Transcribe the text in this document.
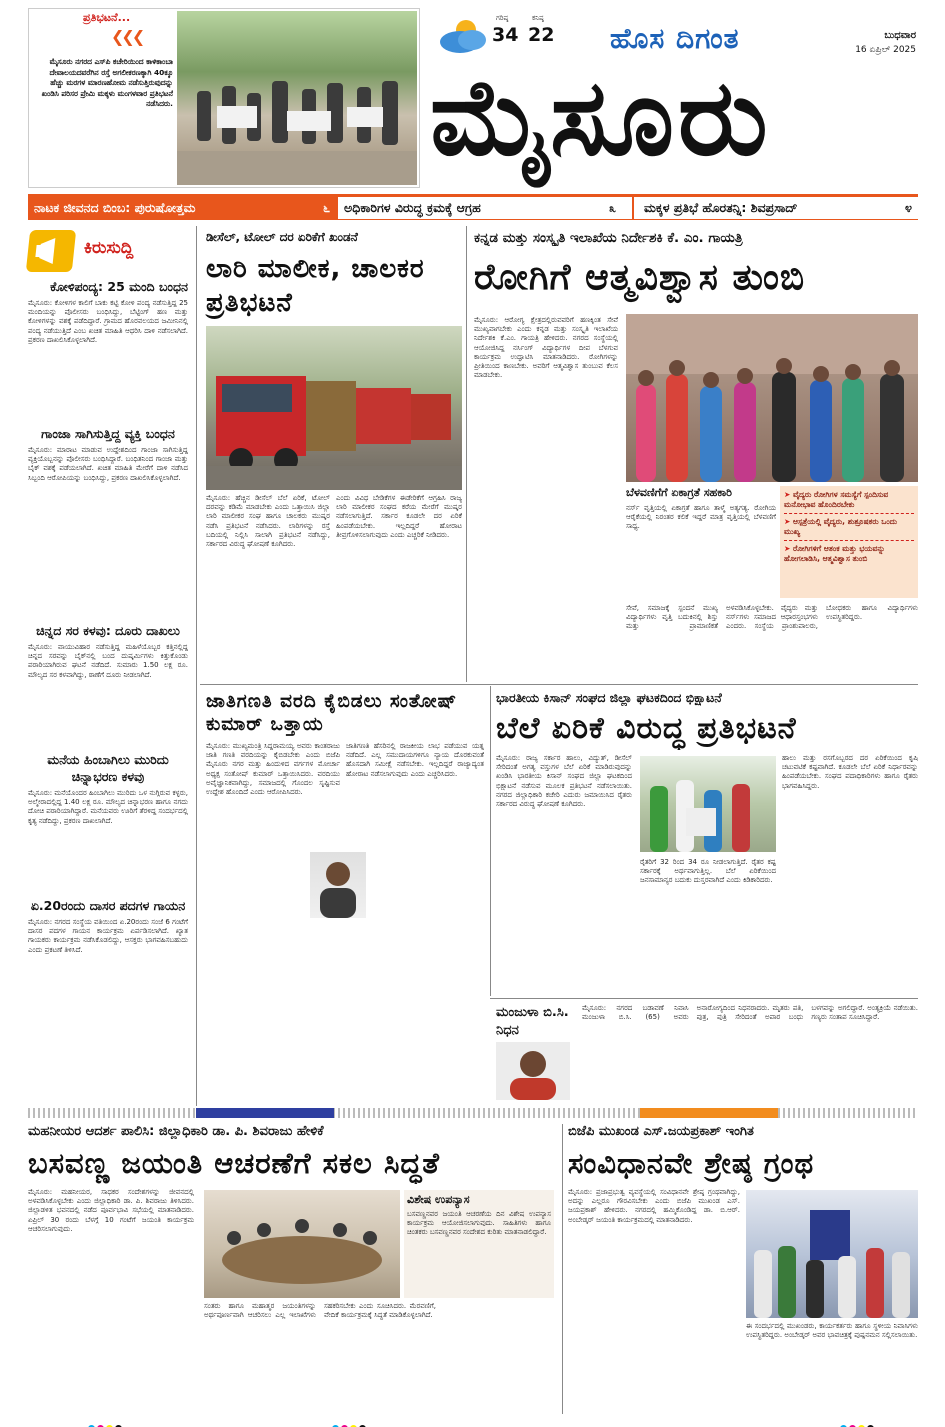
ಪ್ರತಿಭಟನೆ...
❮❮❮
ಮೈಸೂರು ನಗರದ ಎಸ್‌ಪಿ ಕಚೇರಿಯಿಂದ ಕಾಳಿಕಾಂಬಾ ದೇವಾಲಯದವರೆಗಿನ ರಸ್ತೆ ಅಗಲೀಕರಣಕ್ಕಾಗಿ 40ಕ್ಕೂ ಹೆಚ್ಚು ಮರಗಳ ಮಾರಣಹೋಮ ನಡೆಸುತ್ತಿರುವುದನ್ನು ಖಂಡಿಸಿ ಪರಿಸರ ಪ್ರೇಮಿ ಮಕ್ಕಳು ಮಂಗಳವಾರ ಪ್ರತಿಭಟನೆ ನಡೆಸಿದರು.
ಗರಿಷ್ಠ
34
ಕನಿಷ್ಠ
22 ಹೊಸ ದಿಗಂತ	ಬುಧವಾರ
16 ಏಪ್ರಿಲ್ 2025
ಮೈಸೂರು
ನಾಟಕ ಜೀವನದ ಬಿಂಬ: ಪುರುಷೋತ್ತಮ	೬ ಅಧಿಕಾರಿಗಳ ವಿರುದ್ಧ ಕ್ರಮಕ್ಕೆ ಆಗ್ರಹ	೩ ಮಕ್ಕಳ ಪ್ರತಿಭೆ ಹೊರತನ್ನಿ: ಶಿವಪ್ರಸಾದ್	೪
ಕಿರುಸುದ್ದಿ
ಕೋಳಿಪಂದ್ಯ: 25 ಮಂದಿ ಬಂಧನ
ಮೈಸೂರು: ಕೋಳಿಗಳ ಕಾಲಿಗೆ ಬಾಕು ಕಟ್ಟಿ ಕೋಳಿ ಪಂದ್ಯ ನಡೆಸುತ್ತಿದ್ದ 25 ಮಂದಿಯನ್ನು ಪೊಲೀಸರು ಬಂಧಿಸಿದ್ದು, ಬೆಟ್ಟಿಂಗ್ ಹಣ ಮತ್ತು ಕೋಳಿಗಳನ್ನು ವಶಕ್ಕೆ ಪಡೆದಿದ್ದಾರೆ. ಗ್ರಾಮದ ಹೊರವಲಯದ ಜಮೀನಿನಲ್ಲಿ ಪಂದ್ಯ ನಡೆಯುತ್ತಿದೆ ಎಂಬ ಖಚಿತ ಮಾಹಿತಿ ಆಧರಿಸಿ ದಾಳಿ ನಡೆಸಲಾಗಿದೆ. ಪ್ರಕರಣ ದಾಖಲಿಸಿಕೊಳ್ಳಲಾಗಿದೆ.
ಗಾಂಜಾ ಸಾಗಿಸುತ್ತಿದ್ದ ವ್ಯಕ್ತಿ ಬಂಧನ
ಮೈಸೂರು: ಮಾರಾಟ ಮಾಡುವ ಉದ್ದೇಶದಿಂದ ಗಾಂಜಾ ಸಾಗಿಸುತ್ತಿದ್ದ ವ್ಯಕ್ತಿಯೊಬ್ಬನನ್ನು ಪೊಲೀಸರು ಬಂಧಿಸಿದ್ದಾರೆ. ಬಂಧಿತನಿಂದ ಗಾಂಜಾ ಮತ್ತು ಬೈಕ್ ವಶಕ್ಕೆ ಪಡೆಯಲಾಗಿದೆ. ಖಚಿತ ಮಾಹಿತಿ ಮೇರೆಗೆ ದಾಳಿ ನಡೆಸಿದ ಸಿಬ್ಬಂದಿ ಆರೋಪಿಯನ್ನು ಬಂಧಿಸಿದ್ದು, ಪ್ರಕರಣ ದಾಖಲಿಸಿಕೊಳ್ಳಲಾಗಿದೆ.
ಚಿನ್ನದ ಸರ ಕಳವು: ದೂರು ದಾಖಲು
ಮೈಸೂರು: ವಾಯುವಿಹಾರ ನಡೆಸುತ್ತಿದ್ದ ಮಹಿಳೆಯೊಬ್ಬರ ಕತ್ತಿನಲ್ಲಿದ್ದ ಚಿನ್ನದ ಸರವನ್ನು ಬೈಕ್‌ನಲ್ಲಿ ಬಂದ ದುಷ್ಕರ್ಮಿಗಳು ಕಿತ್ತುಕೊಂಡು ಪರಾರಿಯಾಗಿರುವ ಘಟನೆ ನಡೆದಿದೆ. ಸುಮಾರು 1.50 ಲಕ್ಷ ರೂ. ಮೌಲ್ಯದ ಸರ ಕಳವಾಗಿದ್ದು, ಠಾಣೆಗೆ ದೂರು ನೀಡಲಾಗಿದೆ.
ಮನೆಯ ಹಿಂಬಾಗಿಲು ಮುರಿದು ಚಿನ್ನಾಭರಣ ಕಳವು
ಮೈಸೂರು: ಮನೆಯೊಂದರ ಹಿಂಬಾಗಿಲು ಮುರಿದು ಒಳ ನುಗ್ಗಿರುವ ಕಳ್ಳರು, ಅಲ್ಮೇರಾದಲ್ಲಿದ್ದ 1.40 ಲಕ್ಷ ರೂ. ಮೌಲ್ಯದ ಚಿನ್ನಾಭರಣ ಹಾಗೂ ನಗದು ದೋಚಿ ಪರಾರಿಯಾಗಿದ್ದಾರೆ. ಮನೆಯವರು ಊರಿಗೆ ತೆರಳಿದ್ದ ಸಂದರ್ಭದಲ್ಲಿ ಕೃತ್ಯ ನಡೆದಿದ್ದು, ಪ್ರಕರಣ ದಾಖಲಾಗಿದೆ.
ಏ.20ರಂದು ದಾಸರ ಪದಗಳ ಗಾಯನ
ಮೈಸೂರು: ನಗರದ ಸಂಸ್ಥೆಯ ವತಿಯಿಂದ ಏ.20ರಂದು ಸಂಜೆ 6 ಗಂಟೆಗೆ ದಾಸರ ಪದಗಳ ಗಾಯನ ಕಾರ್ಯಕ್ರಮ ಏರ್ಪಡಿಸಲಾಗಿದೆ. ಖ್ಯಾತ ಗಾಯಕರು ಕಾರ್ಯಕ್ರಮ ನಡೆಸಿಕೊಡಲಿದ್ದು, ಆಸಕ್ತರು ಭಾಗವಹಿಸಬಹುದು ಎಂದು ಪ್ರಕಟಣೆ ತಿಳಿಸಿದೆ.
ಡೀಸೆಲ್, ಟೋಲ್ ದರ ಏರಿಕೆಗೆ ಖಂಡನೆ
ಲಾರಿ ಮಾಲೀಕ, ಚಾಲಕರ ಪ್ರತಿಭಟನೆ
ಮೈಸೂರು: ಹೆಚ್ಚಿನ ಡೀಸೆಲ್ ಬೆಲೆ ಏರಿಕೆ, ಟೋಲ್ ದರವನ್ನು ಕಡಿಮೆ ಮಾಡಬೇಕು ಎಂದು ಒತ್ತಾಯಿಸಿ ಜಿಲ್ಲಾ ಲಾರಿ ಮಾಲೀಕರ ಸಂಘ ಹಾಗೂ ಚಾಲಕರು ಮುಷ್ಕರ ನಡೆಸಿ ಪ್ರತಿಭಟನೆ ನಡೆಸಿದರು. ಲಾರಿಗಳನ್ನು ರಸ್ತೆ ಬದಿಯಲ್ಲಿ ನಿಲ್ಲಿಸಿ ಸಾಲಾಗಿ ಪ್ರತಿಭಟನೆ ನಡೆಸಿದ್ದು, ಸರ್ಕಾರದ ವಿರುದ್ಧ ಘೋಷಣೆ ಕೂಗಿದರು.
ಎಂದು ವಿವಿಧ ಬೇಡಿಕೆಗಳ ಈಡೇರಿಕೆಗೆ ಆಗ್ರಹಿಸಿ ರಾಜ್ಯ ಲಾರಿ ಮಾಲೀಕರ ಸಂಘದ ಕರೆಯ ಮೇರೆಗೆ ಮುಷ್ಕರ ನಡೆಸಲಾಗುತ್ತಿದೆ. ಸರ್ಕಾರ ಕೂಡಲೇ ದರ ಏರಿಕೆ ಹಿಂಪಡೆಯಬೇಕು. ಇಲ್ಲದಿದ್ದರೆ ಹೋರಾಟ ತೀವ್ರಗೊಳಿಸಲಾಗುವುದು ಎಂದು ಎಚ್ಚರಿಕೆ ನೀಡಿದರು.
ಕನ್ನಡ ಮತ್ತು ಸಂಸ್ಕೃತಿ ಇಲಾಖೆಯ ನಿರ್ದೇಶಕಿ ಕೆ. ಎಂ. ಗಾಯತ್ರಿ
ರೋಗಿಗೆ ಆತ್ಮವಿಶ್ವಾಸ ತುಂಬಿ
ಮೈಸೂರು: ಆರೋಗ್ಯ ಕ್ಷೇತ್ರದಲ್ಲಿರುವವರಿಗೆ ಹಣಕ್ಕಿಂತ ಸೇವೆ ಮುಖ್ಯವಾಗಬೇಕು ಎಂದು ಕನ್ನಡ ಮತ್ತು ಸಂಸ್ಕೃತಿ ಇಲಾಖೆಯ ನಿರ್ದೇಶಕಿ ಕೆ.ಎಂ. ಗಾಯತ್ರಿ ಹೇಳಿದರು. ನಗರದ ಸಂಸ್ಥೆಯಲ್ಲಿ ಆಯೋಜಿಸಿದ್ದ ನರ್ಸಿಂಗ್ ವಿದ್ಯಾರ್ಥಿಗಳ ದೀಪ ಬೆಳಗುವ ಕಾರ್ಯಕ್ರಮ ಉದ್ಘಾಟಿಸಿ ಮಾತನಾಡಿದರು. ರೋಗಿಗಳನ್ನು ಪ್ರೀತಿಯಿಂದ ಕಾಣಬೇಕು. ಅವರಿಗೆ ಆತ್ಮವಿಶ್ವಾಸ ತುಂಬುವ ಕೆಲಸ ಮಾಡಬೇಕು.
ಬೆಳವಣಿಗೆಗೆ ಏಕಾಗ್ರತೆ ಸಹಕಾರಿ
ನರ್ಸ್ ವೃತ್ತಿಯಲ್ಲಿ ಏಕಾಗ್ರತೆ ಹಾಗೂ ತಾಳ್ಮೆ ಅತ್ಯಗತ್ಯ. ರೋಗಿಯ ಆರೈಕೆಯಲ್ಲಿ ನಿರಂತರ ಕಲಿಕೆ ಇದ್ದರೆ ಮಾತ್ರ ವೃತ್ತಿಯಲ್ಲಿ ಬೆಳವಣಿಗೆ ಸಾಧ್ಯ.
➤ ವೈದ್ಯರು ರೋಗಿಗಳ ಸಮಸ್ಯೆಗೆ ಸ್ಪಂದಿಸುವ ಮನೋಭಾವ ಹೊಂದಿರಬೇಕು
➤ ಆಸ್ಪತ್ರೆಯಲ್ಲಿ ವೈದ್ಯರು, ಶುಶ್ರೂಷಕರು ಒಂದು ಮುಖ್ಯ
➤ ರೋಗಿಗಳಿಗೆ ಆತಂಕ ಮತ್ತು ಭಯವನ್ನು ಹೋಗಲಾಡಿಸಿ, ಆತ್ಮವಿಶ್ವಾಸ ತುಂಬಿ
ಸೇವೆ, ಸಮಾಜಕ್ಕೆ ಸ್ಪಂದನೆ ಮುಖ್ಯ ವಿದ್ಯಾರ್ಥಿಗಳು ವೃತ್ತಿ ಬದುಕಿನಲ್ಲಿ ಶಿಸ್ತು ಮತ್ತು ಪ್ರಾಮಾಣಿಕತೆ ಅಳವಡಿಸಿಕೊಳ್ಳಬೇಕು. ವೈದ್ಯರು ಮತ್ತು ನರ್ಸ್‌ಗಳು ಸಮಾಜದ ಆಧಾರಸ್ತಂಭಗಳು ಎಂದರು. ಸಂಸ್ಥೆಯ ಪ್ರಾಂಶುಪಾಲರು, ಬೋಧಕರು ಹಾಗೂ ವಿದ್ಯಾರ್ಥಿಗಳು ಉಪಸ್ಥಿತರಿದ್ದರು.
ಜಾತಿಗಣತಿ ವರದಿ ಕೈಬಿಡಲು ಸಂತೋಷ್ ಕುಮಾರ್ ಒತ್ತಾಯ
ಮೈಸೂರು: ಮುಖ್ಯಮಂತ್ರಿ ಸಿದ್ದರಾಮಯ್ಯ ಅವರು ಕಾಂತರಾಜು ಜಾತಿ ಗಣತಿ ವರದಿಯನ್ನು ಕೈಬಿಡಬೇಕು ಎಂದು ಬಿಜೆಪಿ ಮೈಸೂರು ನಗರ ಮತ್ತು ಹಿಂದುಳಿದ ವರ್ಗಗಳ ಮೋರ್ಚಾ ಅಧ್ಯಕ್ಷ ಸಂತೋಷ್ ಕುಮಾರ್ ಒತ್ತಾಯಿಸಿದರು. ವರದಿಯು ಅವೈಜ್ಞಾನಿಕವಾಗಿದ್ದು, ಸಮಾಜದಲ್ಲಿ ಗೊಂದಲ ಸೃಷ್ಟಿಸುವ ಉದ್ದೇಶ ಹೊಂದಿದೆ ಎಂದು ಆರೋಪಿಸಿದರು.
ಜಾತಿಗಣತಿ ಹೆಸರಿನಲ್ಲಿ ರಾಜಕೀಯ ಲಾಭ ಪಡೆಯುವ ಯತ್ನ ನಡೆದಿದೆ. ಎಲ್ಲ ಸಮುದಾಯಗಳಿಗೂ ನ್ಯಾಯ ದೊರಕುವಂತೆ ಹೊಸದಾಗಿ ಸಮೀಕ್ಷೆ ನಡೆಸಬೇಕು. ಇಲ್ಲದಿದ್ದರೆ ರಾಜ್ಯಾದ್ಯಂತ ಹೋರಾಟ ನಡೆಸಲಾಗುವುದು ಎಂದು ಎಚ್ಚರಿಸಿದರು.
ಭಾರತೀಯ ಕಿಸಾನ್ ಸಂಘದ ಜಿಲ್ಲಾ ಘಟಕದಿಂದ ಭಿಕ್ಷಾಟನೆ
ಬೆಲೆ ಏರಿಕೆ ವಿರುದ್ಧ ಪ್ರತಿಭಟನೆ
ಮೈಸೂರು: ರಾಜ್ಯ ಸರ್ಕಾರ ಹಾಲು, ವಿದ್ಯುತ್, ಡೀಸೆಲ್ ಸೇರಿದಂತೆ ಅಗತ್ಯ ವಸ್ತುಗಳ ಬೆಲೆ ಏರಿಕೆ ಮಾಡಿರುವುದನ್ನು ಖಂಡಿಸಿ ಭಾರತೀಯ ಕಿಸಾನ್ ಸಂಘದ ಜಿಲ್ಲಾ ಘಟಕದಿಂದ ಭಿಕ್ಷಾಟನೆ ನಡೆಸುವ ಮೂಲಕ ಪ್ರತಿಭಟನೆ ನಡೆಸಲಾಯಿತು. ನಗರದ ಜಿಲ್ಲಾಧಿಕಾರಿ ಕಚೇರಿ ಎದುರು ಜಮಾಯಿಸಿದ ರೈತರು ಸರ್ಕಾರದ ವಿರುದ್ಧ ಘೋಷಣೆ ಕೂಗಿದರು.
ರೈತರಿಗೆ 32 ರಿಂದ 34 ರೂ ನೀಡಲಾಗುತ್ತಿದೆ. ರೈತರ ಕಷ್ಟ ಸರ್ಕಾರಕ್ಕೆ ಅರ್ಥವಾಗುತ್ತಿಲ್ಲ. ಬೆಲೆ ಏರಿಕೆಯಿಂದ ಜನಸಾಮಾನ್ಯರ ಬದುಕು ದುಸ್ತರವಾಗಿದೆ ಎಂದು ಕಿಡಿಕಾರಿದರು.
ಹಾಲು ಮತ್ತು ರಸಗೊಬ್ಬರದ ದರ ಏರಿಕೆಯಿಂದ ಕೃಷಿ ಚಟುವಟಿಕೆ ಕಷ್ಟವಾಗಿದೆ. ಕೂಡಲೇ ಬೆಲೆ ಏರಿಕೆ ನಿರ್ಧಾರವನ್ನು ಹಿಂಪಡೆಯಬೇಕು. ಸಂಘದ ಪದಾಧಿಕಾರಿಗಳು ಹಾಗೂ ರೈತರು ಭಾಗವಹಿಸಿದ್ದರು.
ಮಂಜುಳಾ ಬಿ.ಸಿ. ನಿಧನ
ಮೈಸೂರು: ನಗರದ ಬಡಾವಣೆ ನಿವಾಸಿ ಮಂಜುಳಾ ಬಿ.ಸಿ. (65) ಅವರು ಅನಾರೋಗ್ಯದಿಂದ ನಿಧನರಾದರು. ಮೃತರು ಪತಿ, ಪುತ್ರ, ಪುತ್ರಿ ಸೇರಿದಂತೆ ಅಪಾರ ಬಂಧು ಬಳಗವನ್ನು ಅಗಲಿದ್ದಾರೆ. ಅಂತ್ಯಕ್ರಿಯೆ ನಡೆಯಿತು. ಗಣ್ಯರು ಸಂತಾಪ ಸೂಚಿಸಿದ್ದಾರೆ.
ಮಹನೀಯರ ಆದರ್ಶ ಪಾಲಿಸಿ: ಜಿಲ್ಲಾಧಿಕಾರಿ ಡಾ. ಪಿ. ಶಿವರಾಜು ಹೇಳಿಕೆ
ಬಸವಣ್ಣ ಜಯಂತಿ ಆಚರಣೆಗೆ ಸಕಲ ಸಿದ್ಧತೆ
ಮೈಸೂರು: ಮಹನೀಯರ, ಸಾಧಕರ ಸಂದೇಶಗಳನ್ನು ಜೀವನದಲ್ಲಿ ಅಳವಡಿಸಿಕೊಳ್ಳಬೇಕು ಎಂದು ಜಿಲ್ಲಾಧಿಕಾರಿ ಡಾ. ಪಿ. ಶಿವರಾಜು ತಿಳಿಸಿದರು. ಜಿಲ್ಲಾಡಳಿತ ಭವನದಲ್ಲಿ ನಡೆದ ಪೂರ್ವಭಾವಿ ಸಭೆಯಲ್ಲಿ ಮಾತನಾಡಿದರು. ಏಪ್ರಿಲ್ 30 ರಂದು ಬೆಳಗ್ಗೆ 10 ಗಂಟೆಗೆ ಜಯಂತಿ ಕಾರ್ಯಕ್ರಮ ಆಚರಿಸಲಾಗುವುದು.
ವಿಶೇಷ ಉಪನ್ಯಾಸ
ಬಸವಣ್ಣನವರ ಜಯಂತಿ ಆಚರಣೆಯ ದಿನ ವಿಶೇಷ ಉಪನ್ಯಾಸ ಕಾರ್ಯಕ್ರಮ ಆಯೋಜಿಸಲಾಗುವುದು. ಸಾಹಿತಿಗಳು ಹಾಗೂ ಚಿಂತಕರು ಬಸವಣ್ಣನವರ ಸಂದೇಶದ ಕುರಿತು ಮಾತನಾಡಲಿದ್ದಾರೆ.
ಸಂತರು ಹಾಗೂ ಮಹಾತ್ಮರ ಜಯಂತಿಗಳನ್ನು ಅರ್ಥಪೂರ್ಣವಾಗಿ ಆಚರಿಸಲು ಎಲ್ಲ ಇಲಾಖೆಗಳು ಸಹಕರಿಸಬೇಕು ಎಂದು ಸೂಚಿಸಿದರು. ಮೆರವಣಿಗೆ, ವೇದಿಕೆ ಕಾರ್ಯಕ್ರಮಕ್ಕೆ ಸಿದ್ಧತೆ ಮಾಡಿಕೊಳ್ಳಲಾಗಿದೆ.
ಬಿಜೆಪಿ ಮುಖಂಡ ಎಸ್.ಜಯಪ್ರಕಾಶ್ ಇಂಗಿತ
ಸಂವಿಧಾನವೇ ಶ್ರೇಷ್ಠ ಗ್ರಂಥ
ಮೈಸೂರು: ಪ್ರಜಾಪ್ರಭುತ್ವ ವ್ಯವಸ್ಥೆಯಲ್ಲಿ ಸಂವಿಧಾನವೇ ಶ್ರೇಷ್ಠ ಗ್ರಂಥವಾಗಿದ್ದು, ಅದನ್ನು ಎಲ್ಲರೂ ಗೌರವಿಸಬೇಕು ಎಂದು ಬಿಜೆಪಿ ಮುಖಂಡ ಎಸ್. ಜಯಪ್ರಕಾಶ್ ಹೇಳಿದರು. ನಗರದಲ್ಲಿ ಹಮ್ಮಿಕೊಂಡಿದ್ದ ಡಾ. ಬಿ.ಆರ್. ಅಂಬೇಡ್ಕರ್ ಜಯಂತಿ ಕಾರ್ಯಕ್ರಮದಲ್ಲಿ ಮಾತನಾಡಿದರು.
ಈ ಸಂದರ್ಭದಲ್ಲಿ ಮುಖಂಡರು, ಕಾರ್ಯಕರ್ತರು ಹಾಗೂ ಸ್ಥಳೀಯ ನಿವಾಸಿಗಳು ಉಪಸ್ಥಿತರಿದ್ದರು. ಅಂಬೇಡ್ಕರ್ ಅವರ ಭಾವಚಿತ್ರಕ್ಕೆ ಪುಷ್ಪನಮನ ಸಲ್ಲಿಸಲಾಯಿತು.
